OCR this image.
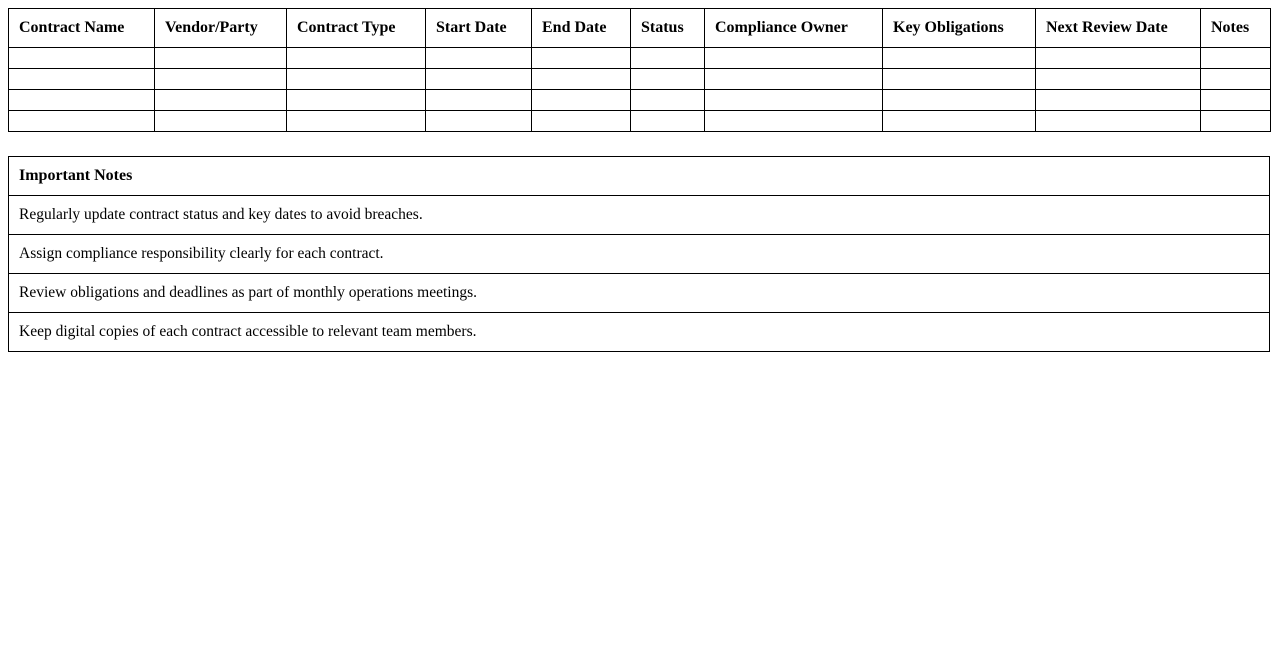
Contract Name	Vendor/Party	Contract Type	Start Date	End Date	Status	Compliance Owner	Key Obligations	Next Review Date	Notes

Important Notes
Regularly update contract status and key dates to avoid breaches.
Assign compliance responsibility clearly for each contract.
Review obligations and deadlines as part of monthly operations meetings.
Keep digital copies of each contract accessible to relevant team members.
